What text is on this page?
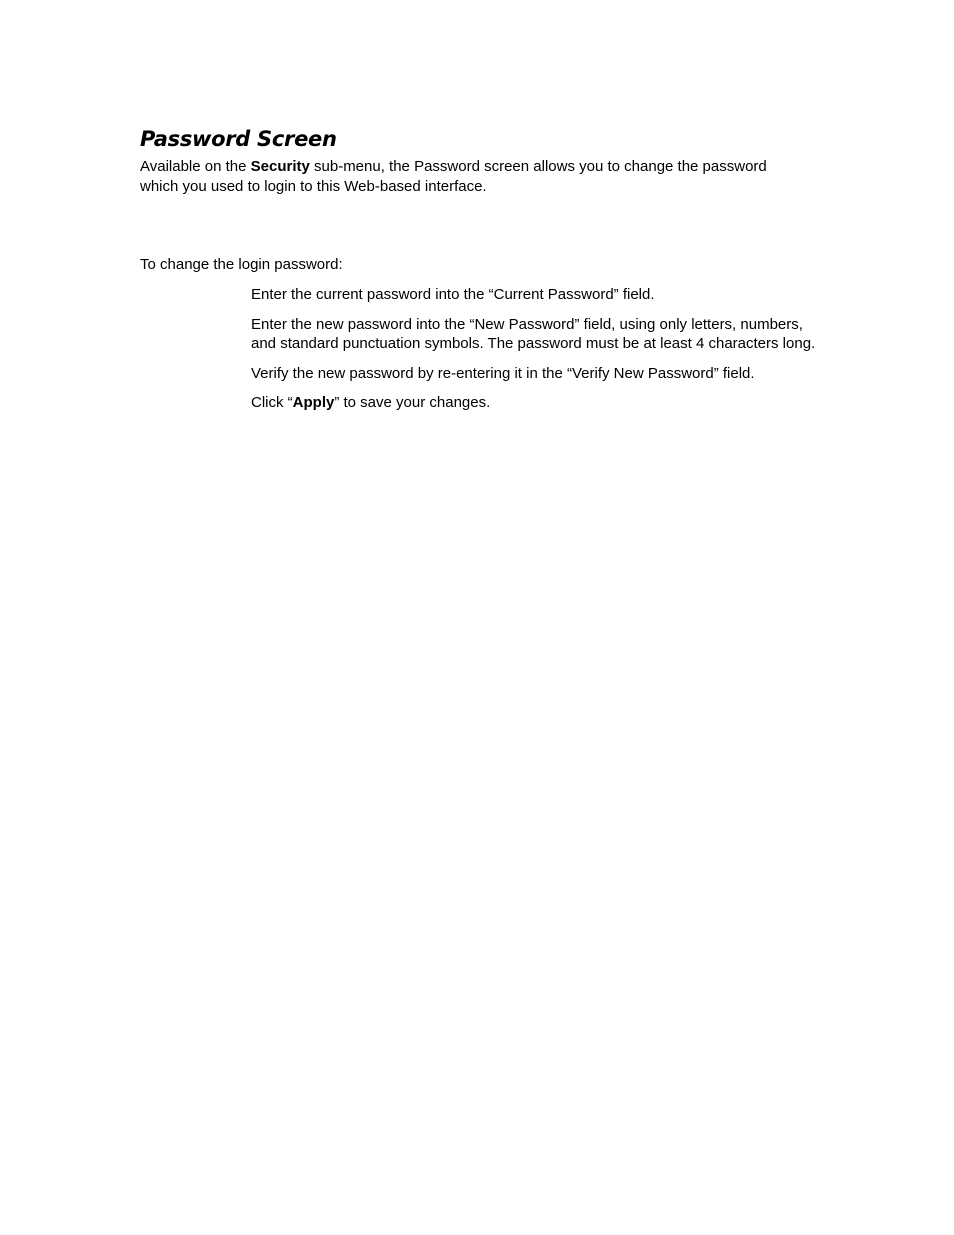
Password Screen

Available on the Security sub-menu, the Password screen allows you to change the password which you used to login to this Web-based interface.

To change the login password:

Enter the current password into the “Current Password” field.
Enter the new password into the “New Password” field, using only letters, numbers, and standard punctuation symbols. The password must be at least 4 characters long.
Verify the new password by re-entering it in the “Verify New Password” field.
Click “Apply” to save your changes.
